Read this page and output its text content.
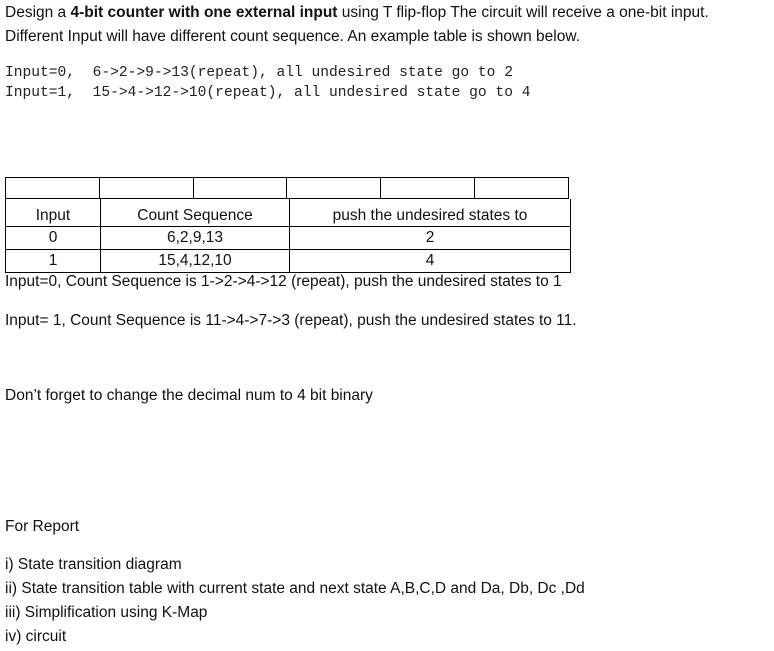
Design a 4-bit counter with one external input using T flip-flop The circuit will receive a one-bit input.
Different Input will have different count sequence. An example table is shown below.
Input=0,  6->2->9->13(repeat), all undesired state go to 2
Input=1,  15->4->12->10(repeat), all undesired state go to 4
Input	Count Sequence	push the undesired states to
0	6,2,9,13	2
1	15,4,12,10	4
Input=0, Count Sequence is 1->2->4->12 (repeat), push the undesired states to 1
Input= 1, Count Sequence is 11->4->7->3 (repeat), push the undesired states to 11.
Don’t forget to change the decimal num to 4 bit binary
For Report
i) State transition diagram
ii) State transition table with current state and next state A,B,C,D and Da, Db, Dc ,Dd
iii) Simplification using K-Map
iv) circuit
